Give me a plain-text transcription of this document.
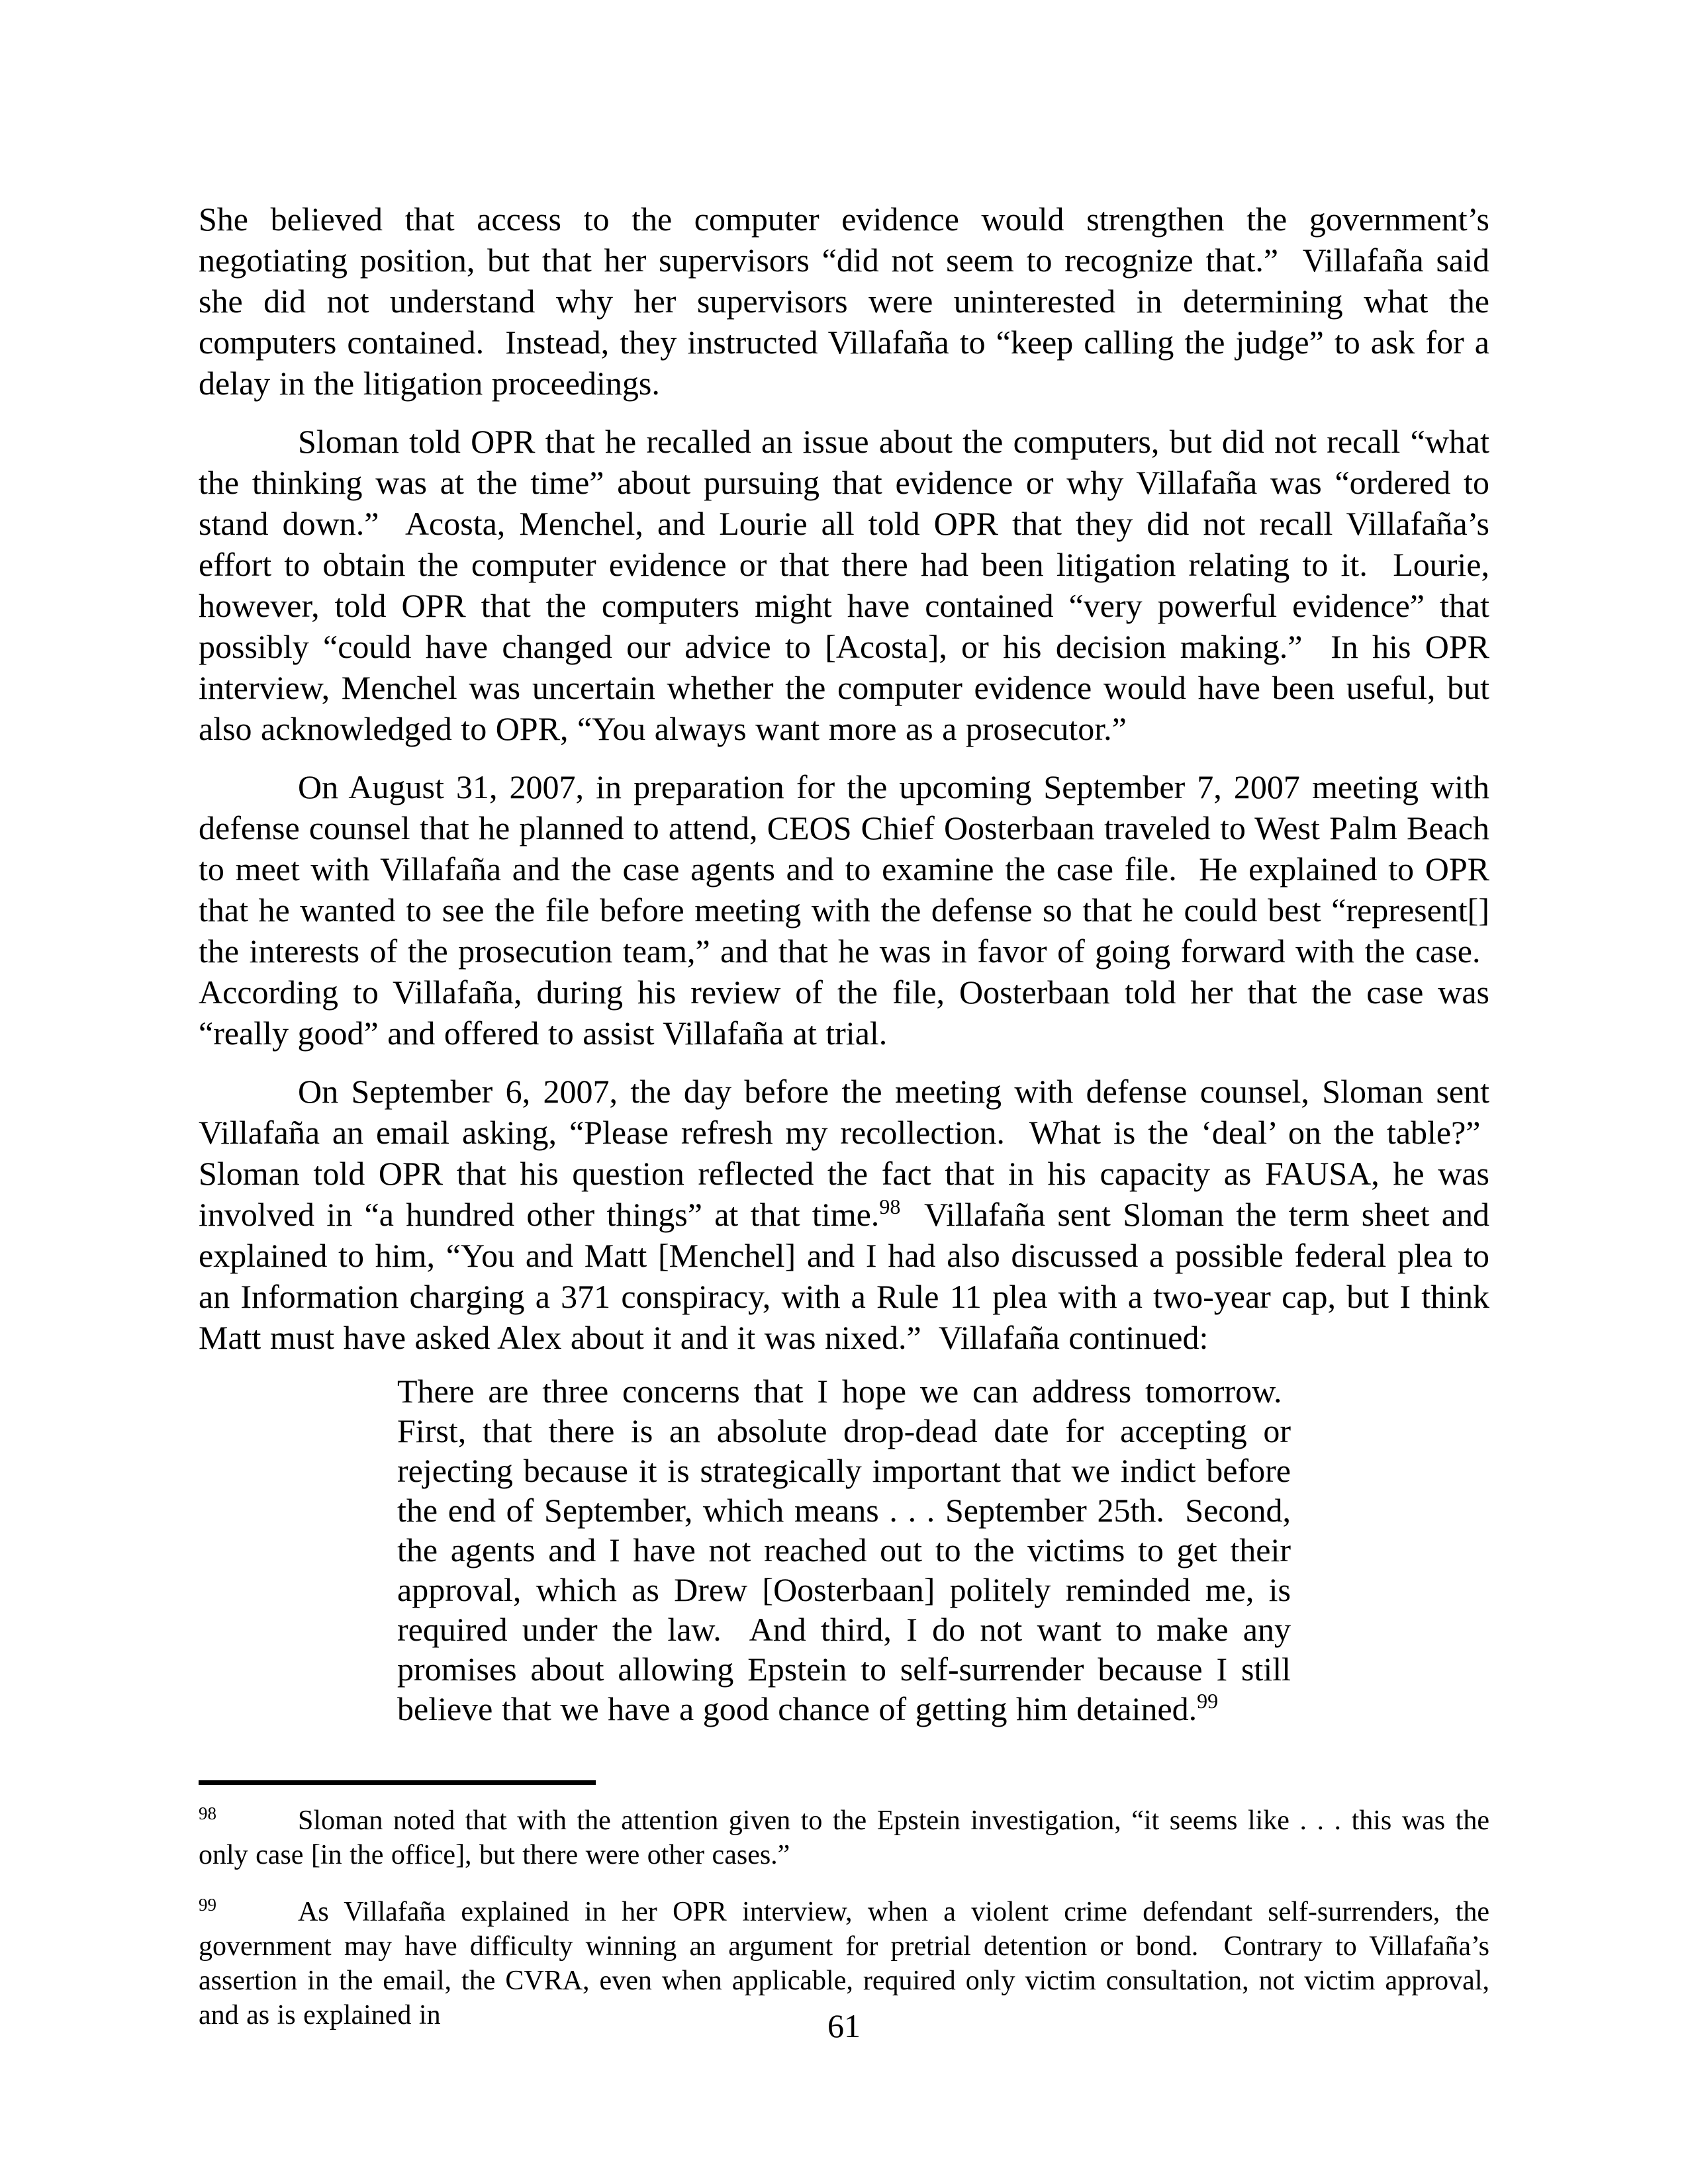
She believed that access to the computer evidence would strengthen the government’s negotiating position, but that her supervisors “did not seem to recognize that.”  Villafaña said she did not understand why her supervisors were uninterested in determining what the computers contained.  Instead, they instructed Villafaña to “keep calling the judge” to ask for a delay in the litigation proceedings.

Sloman told OPR that he recalled an issue about the computers, but did not recall “what the thinking was at the time” about pursuing that evidence or why Villafaña was “ordered to stand down.”  Acosta, Menchel, and Lourie all told OPR that they did not recall Villafaña’s effort to obtain the computer evidence or that there had been litigation relating to it.  Lourie, however, told OPR that the computers might have contained “very powerful evidence” that possibly “could have changed our advice to [Acosta], or his decision making.”  In his OPR interview, Menchel was uncertain whether the computer evidence would have been useful, but also acknowledged to OPR, “You always want more as a prosecutor.”

On August 31, 2007, in preparation for the upcoming September 7, 2007 meeting with defense counsel that he planned to attend, CEOS Chief Oosterbaan traveled to West Palm Beach to meet with Villafaña and the case agents and to examine the case file.  He explained to OPR that he wanted to see the file before meeting with the defense so that he could best “represent[] the interests of the prosecution team,” and that he was in favor of going forward with the case.  According to Villafaña, during his review of the file, Oosterbaan told her that the case was “really good” and offered to assist Villafaña at trial.

On September 6, 2007, the day before the meeting with defense counsel, Sloman sent Villafaña an email asking, “Please refresh my recollection.  What is the ‘deal’ on the table?”  Sloman told OPR that his question reflected the fact that in his capacity as FAUSA, he was involved in “a hundred other things” at that time.$^{98}$  Villafaña sent Sloman the term sheet and explained to him, “You and Matt [Menchel] and I had also discussed a possible federal plea to an Information charging a 371 conspiracy, with a Rule 11 plea with a two-year cap, but I think Matt must have asked Alex about it and it was nixed.”  Villafaña continued:

There are three concerns that I hope we can address tomorrow.  First, that there is an absolute drop-dead date for accepting or rejecting because it is strategically important that we indict before the end of September, which means . . . September 25th.  Second, the agents and I have not reached out to the victims to get their approval, which as Drew [Oosterbaan] politely reminded me, is required under the law.  And third, I do not want to make any promises about allowing Epstein to self-surrender because I still believe that we have a good chance of getting him detained.$^{99}$

$^{98}$	Sloman noted that with the attention given to the Epstein investigation, “it seems like . . . this was the only case [in the office], but there were other cases.”

$^{99}$	As Villafaña explained in her OPR interview, when a violent crime defendant self-surrenders, the government may have difficulty winning an argument for pretrial detention or bond.  Contrary to Villafaña’s assertion in the email, the CVRA, even when applicable, required only victim consultation, not victim approval, and as is explained in	61
